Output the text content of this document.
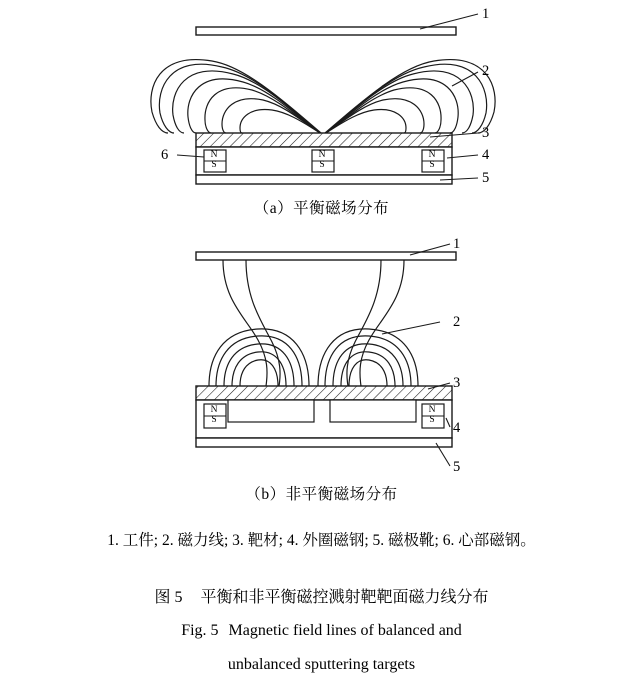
N
S
N
S
N
S
N
S
N
S
1
2
3
4
5
6
1
2
3
4
5
（a）平衡磁场分布
（b）非平衡磁场分布
1. 工件; 2. 磁力线; 3. 靶材; 4. 外圈磁钢; 5. 磁极靴; 6. 心部磁钢。
图 5 平衡和非平衡磁控溅射靶靶面磁力线分布
Fig. 5 Magnetic field lines of balanced and
unbalanced sputtering targets
